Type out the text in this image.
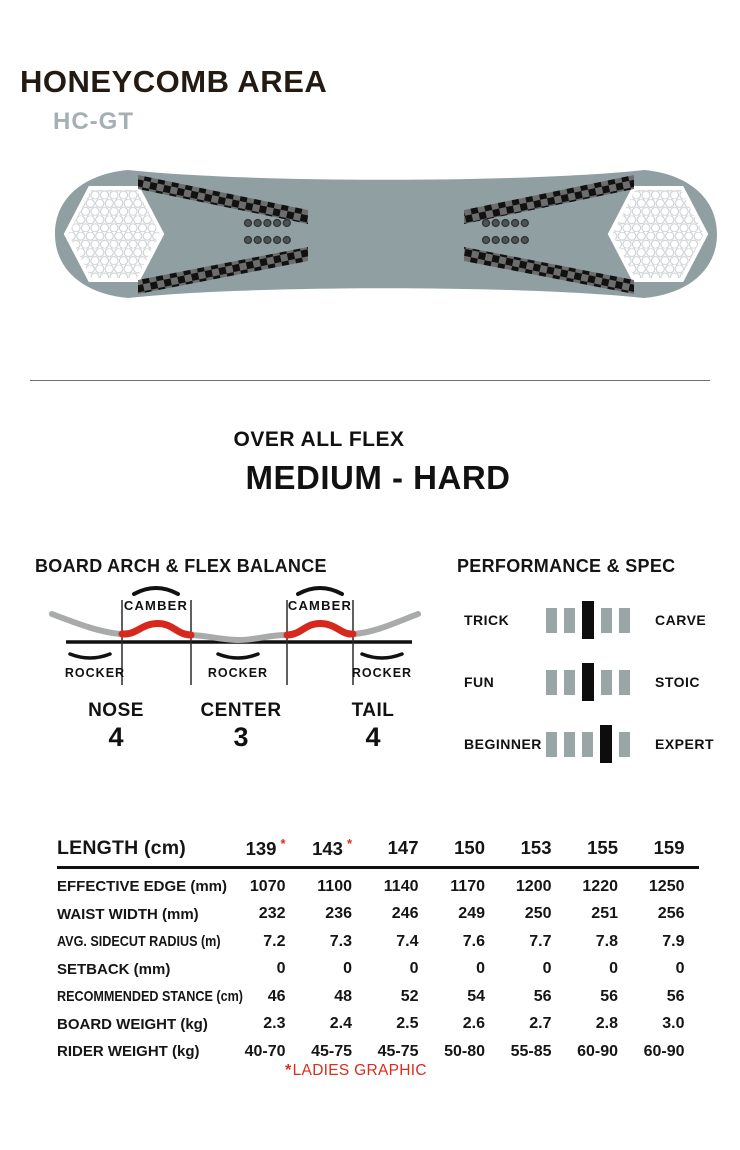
HONEYCOMB AREA
HC-GT
OVER ALL FLEX
MEDIUM - HARD
BOARD ARCH & FLEX BALANCE	PERFORMANCE & SPEC
CAMBER	CAMBER
ROCKER	ROCKER	ROCKER
NOSE	CENTER	TAIL
4	3	4
TRICK	CARVE
FUN	STOIC
BEGINNER	EXPERT
LENGTH (cm)	139 *	143 *	147	150	153	155	159
EFFECTIVE EDGE (mm)	1070	1100	1140	1170	1200	1220	1250
WAIST WIDTH (mm)	232	236	246	249	250	251	256
AVG. SIDECUT RADIUS (m)	7.2	7.3	7.4	7.6	7.7	7.8	7.9
SETBACK (mm)	0	0	0	0	0	0	0
RECOMMENDED STANCE (cm)	46	48	52	54	56	56	56
BOARD WEIGHT (kg)	2.3	2.4	2.5	2.6	2.7	2.8	3.0
RIDER WEIGHT (kg)	40-70	45-75	45-75	50-80	55-85	60-90	60-90
*LADIES GRAPHIC
